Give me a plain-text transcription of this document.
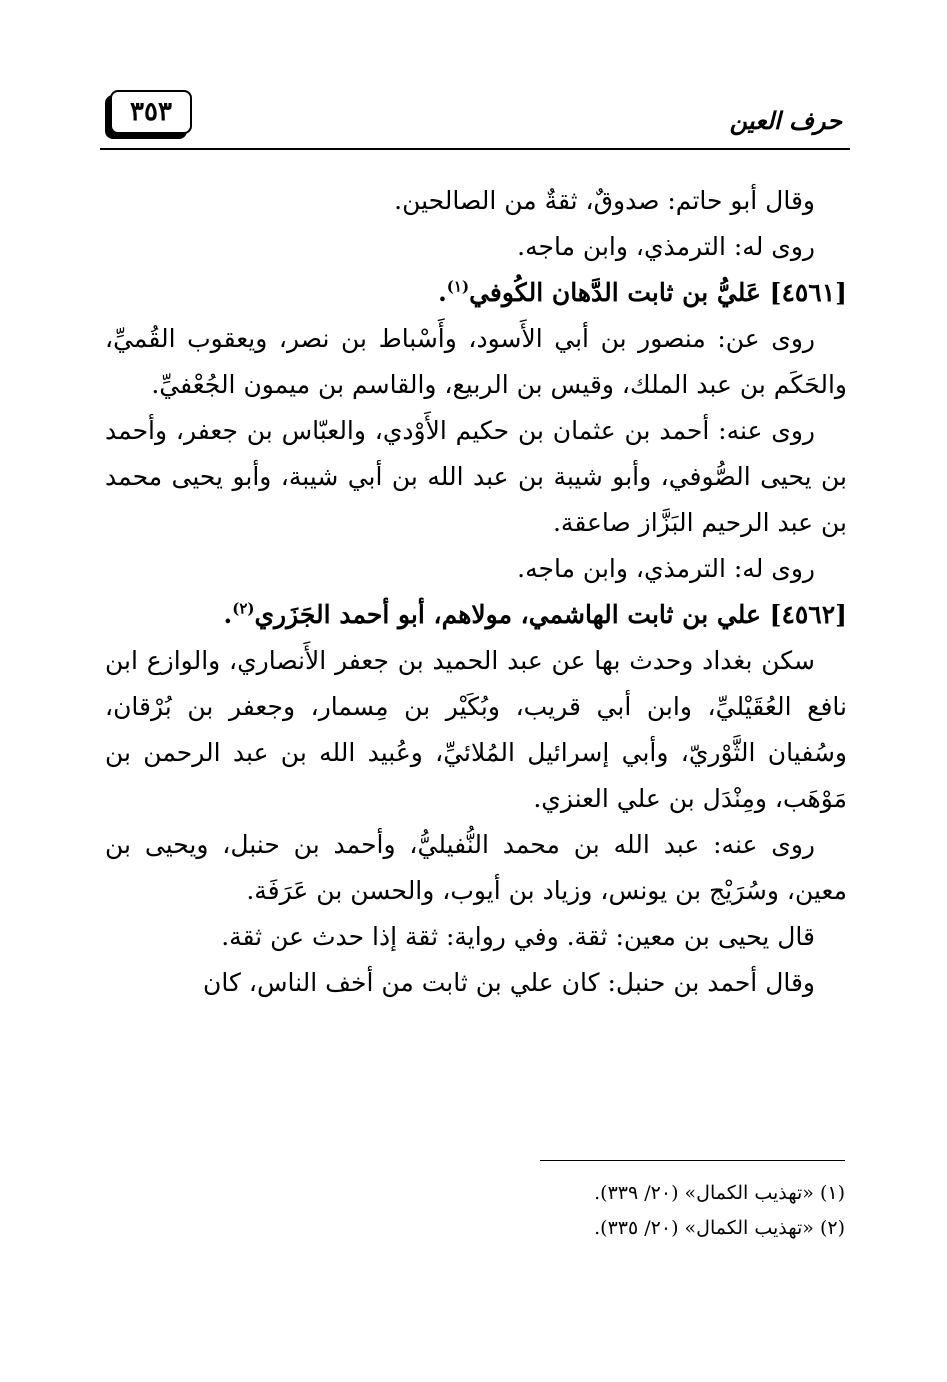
٣٥٣	حرف العين

وقال أبو حاتم: صدوقٌ، ثقةٌ من الصالحين.

روى له: الترمذي، وابن ماجه.

[٤٥٦١] عَليُّ بن ثابت الدَّهان الكُوفي$^{(١)}$.

روى عن: منصور بن أبي الأَسود، وأَسْباط بن نصر، ويعقوب القُميِّ، والحَكَم بن عبد الملك، وقيس بن الربيع، والقاسم بن ميمون الجُعْفيِّ.

روى عنه: أحمد بن عثمان بن حكيم الأَوْدي، والعبّاس بن جعفر، وأحمد بن يحيى الصُّوفي، وأبو شيبة بن عبد الله بن أبي شيبة، وأبو يحيى محمد بن عبد الرحيم البَزَّاز صاعقة.

روى له: الترمذي، وابن ماجه.

[٤٥٦٢] علي بن ثابت الهاشمي، مولاهم، أبو أحمد الجَزَري$^{(٢)}$.

سكن بغداد وحدث بها عن عبد الحميد بن جعفر الأَنصاري، والوازع ابن نافع العُقَيْليِّ، وابن أبي قريب، وبُكَيْر بن مِسمار، وجعفر بن بُرْقان، وسُفيان الثَّوْريّ، وأبي إسرائيل المُلائيِّ، وعُبيد الله بن عبد الرحمن بن مَوْهَب، ومِنْدَل بن علي العنزي.

روى عنه: عبد الله بن محمد النُّفيليُّ، وأحمد بن حنبل، ويحيى بن معين، وسُرَيْج بن يونس، وزياد بن أيوب، والحسن بن عَرَفَة.

قال يحيى بن معين: ثقة. وفي رواية: ثقة إذا حدث عن ثقة.

وقال أحمد بن حنبل: كان علي بن ثابت من أخف الناس، كان

(١) «تهذيب الكمال» (٢٠/ ٣٣٩).

(٢) «تهذيب الكمال» (٢٠/ ٣٣٥).
